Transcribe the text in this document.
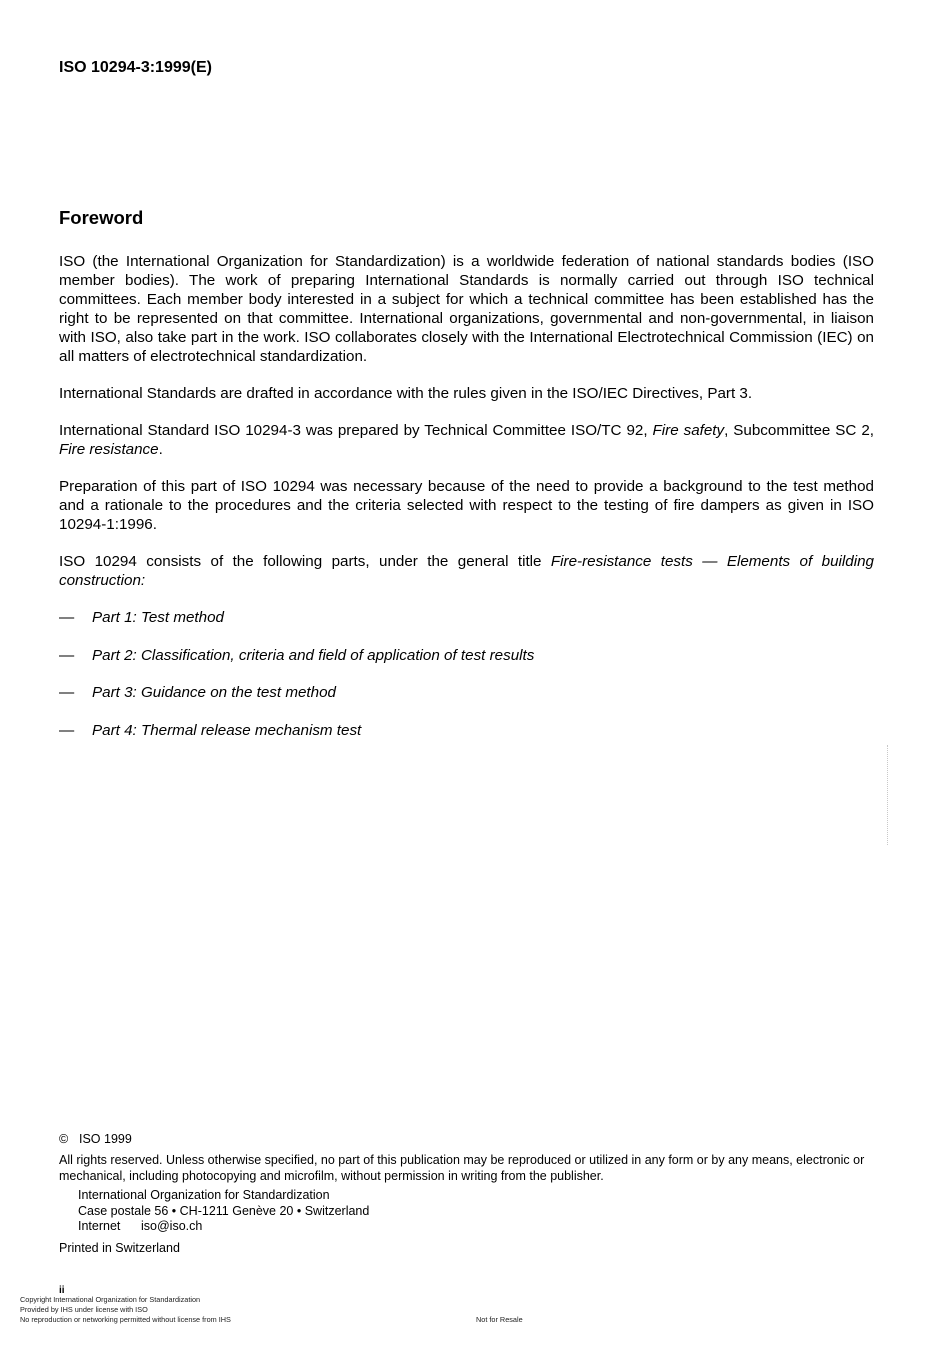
ISO 10294-3:1999(E)
Foreword
ISO (the International Organization for Standardization) is a worldwide federation of national standards bodies (ISO member bodies). The work of preparing International Standards is normally carried out through ISO technical committees. Each member body interested in a subject for which a technical committee has been established has the right to be represented on that committee. International organizations, governmental and non-governmental, in liaison with ISO, also take part in the work. ISO collaborates closely with the International Electrotechnical Commission (IEC) on all matters of electrotechnical standardization.
International Standards are drafted in accordance with the rules given in the ISO/IEC Directives, Part 3.
International Standard ISO 10294-3 was prepared by Technical Committee ISO/TC 92, Fire safety, Subcommittee SC 2, Fire resistance.
Preparation of this part of ISO 10294 was necessary because of the need to provide a background to the test method and a rationale to the procedures and the criteria selected with respect to the testing of fire dampers as given in ISO 10294-1:1996.
ISO 10294 consists of the following parts, under the general title Fire-resistance tests — Elements of building construction:
— Part 1: Test method
— Part 2: Classification, criteria and field of application of test results
— Part 3: Guidance on the test method
— Part 4: Thermal release mechanism test
© ISO 1999
All rights reserved. Unless otherwise specified, no part of this publication may be reproduced or utilized in any form or by any means, electronic or mechanical, including photocopying and microfilm, without permission in writing from the publisher.
International Organization for Standardization
Case postale 56 • CH-1211 Genève 20 • Switzerland
Internet iso@iso.ch
Printed in Switzerland
ii
Copyright International Organization for Standardization
Provided by IHS under license with ISO
No reproduction or networking permitted without license from IHS	Not for Resale
